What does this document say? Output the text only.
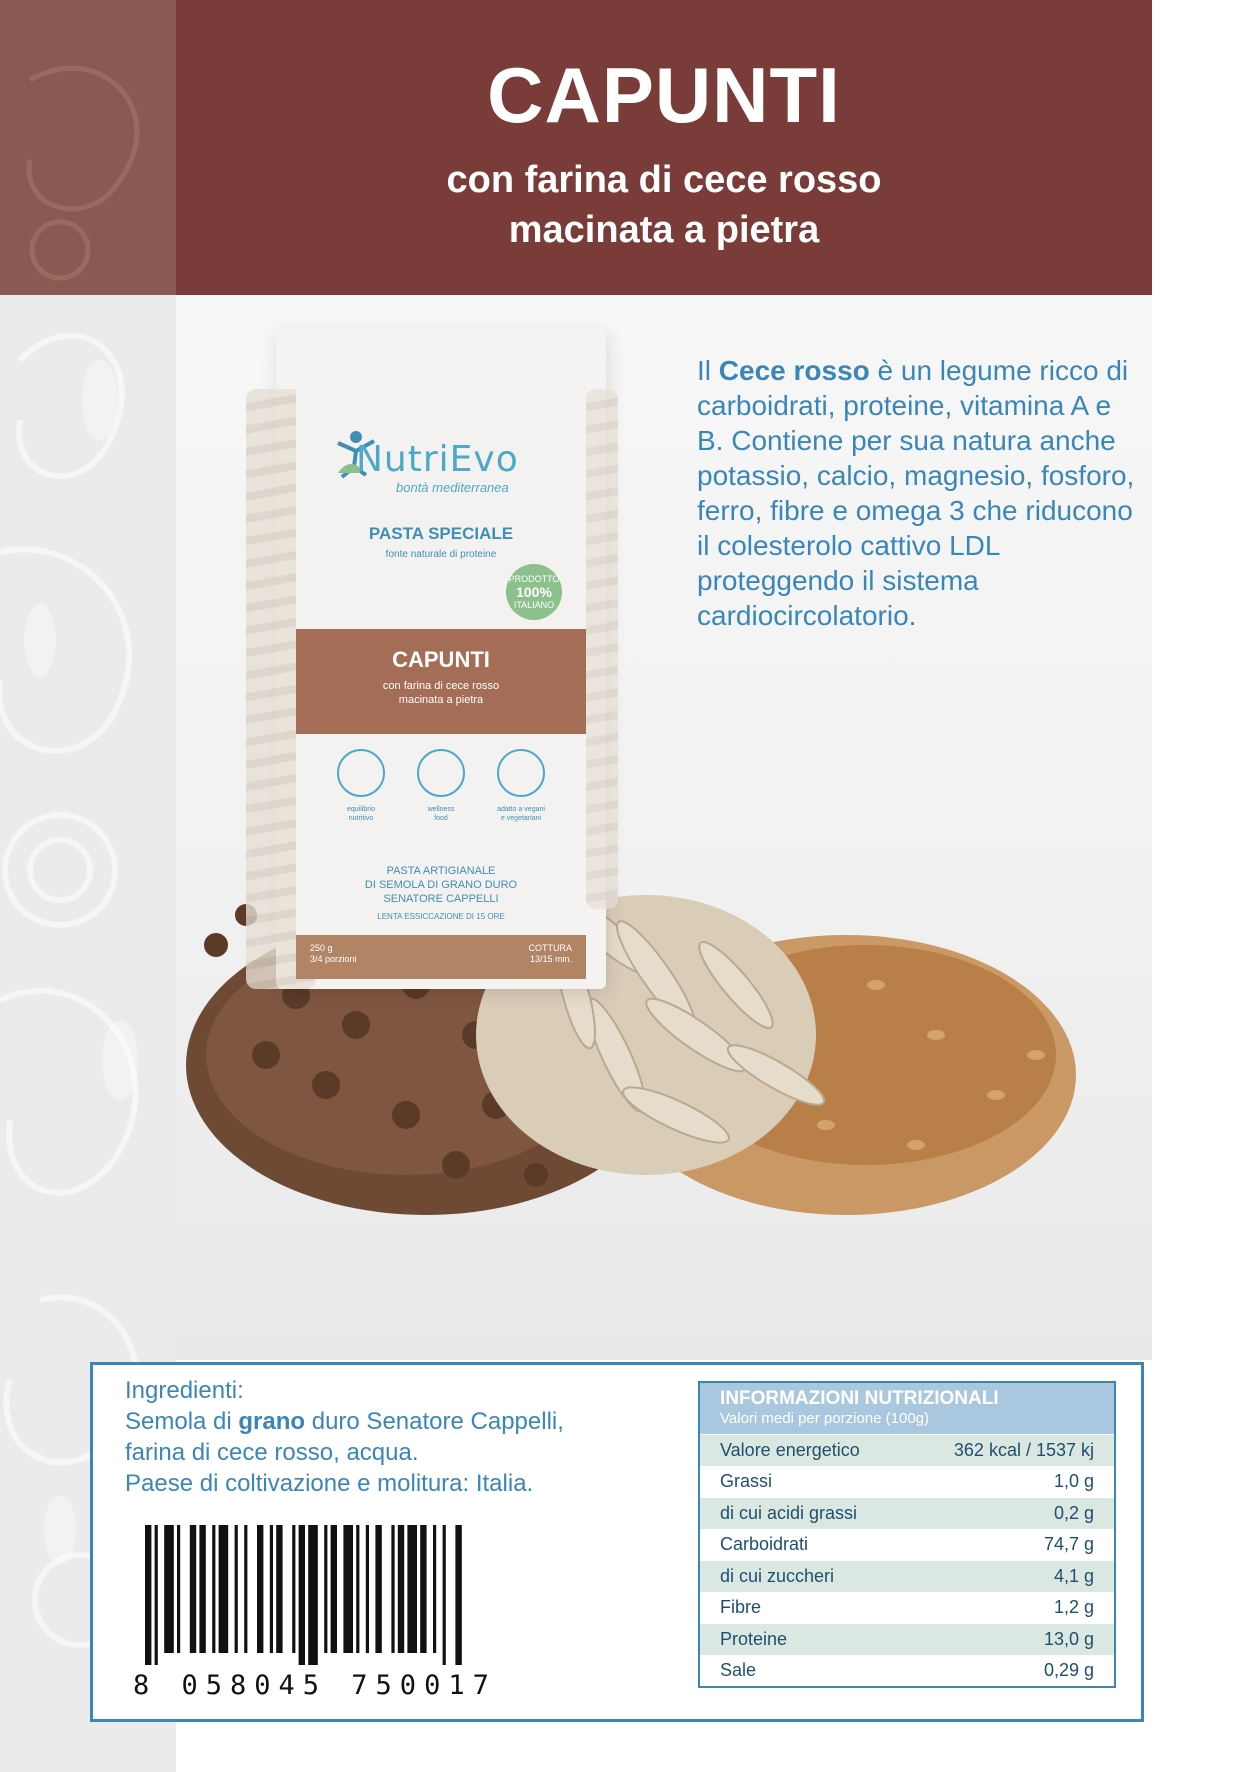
CAPUNTI
con farina di cece rosso
macinata a pietra
NutriEvo
bontà mediterranea
PASTA SPECIALE
fonte naturale di proteine
PRODOTTO
100%
ITALIANO
CAPUNTI
con farina di cece rosso
macinata a pietra
equilibrio
nutritivo
wellness
food
adatto a vegani
e vegetariani
PASTA ARTIGIANALE
DI SEMOLA DI GRANO DURO
SENATORE CAPPELLI
LENTA ESSICCAZIONE DI 15 ORE
250 g
3/4 porzioni
COTTURA
13/15 min.

Il Cece rosso è un legume ricco di carboidrati, proteine, vitamina A e B. Contiene per sua natura anche potassio, calcio, magnesio, fosforo, ferro, fibre e omega 3 che riducono il colesterolo cattivo LDL proteggendo il sistema cardiocircolatorio.

Ingredienti:
Semola di grano duro Senatore Cappelli,
farina di cece rosso, acqua.
Paese di coltivazione e molitura: Italia.
8 058045 750017
INFORMAZIONI NUTRIZIONALI
Valori medi per porzione (100g)
Valore energetico	362 kcal / 1537 kj
Grassi	1,0 g
di cui acidi grassi	0,2 g
Carboidrati	74,7 g
di cui zuccheri	4,1 g
Fibre	1,2 g
Proteine	13,0 g
Sale	0,29 g
